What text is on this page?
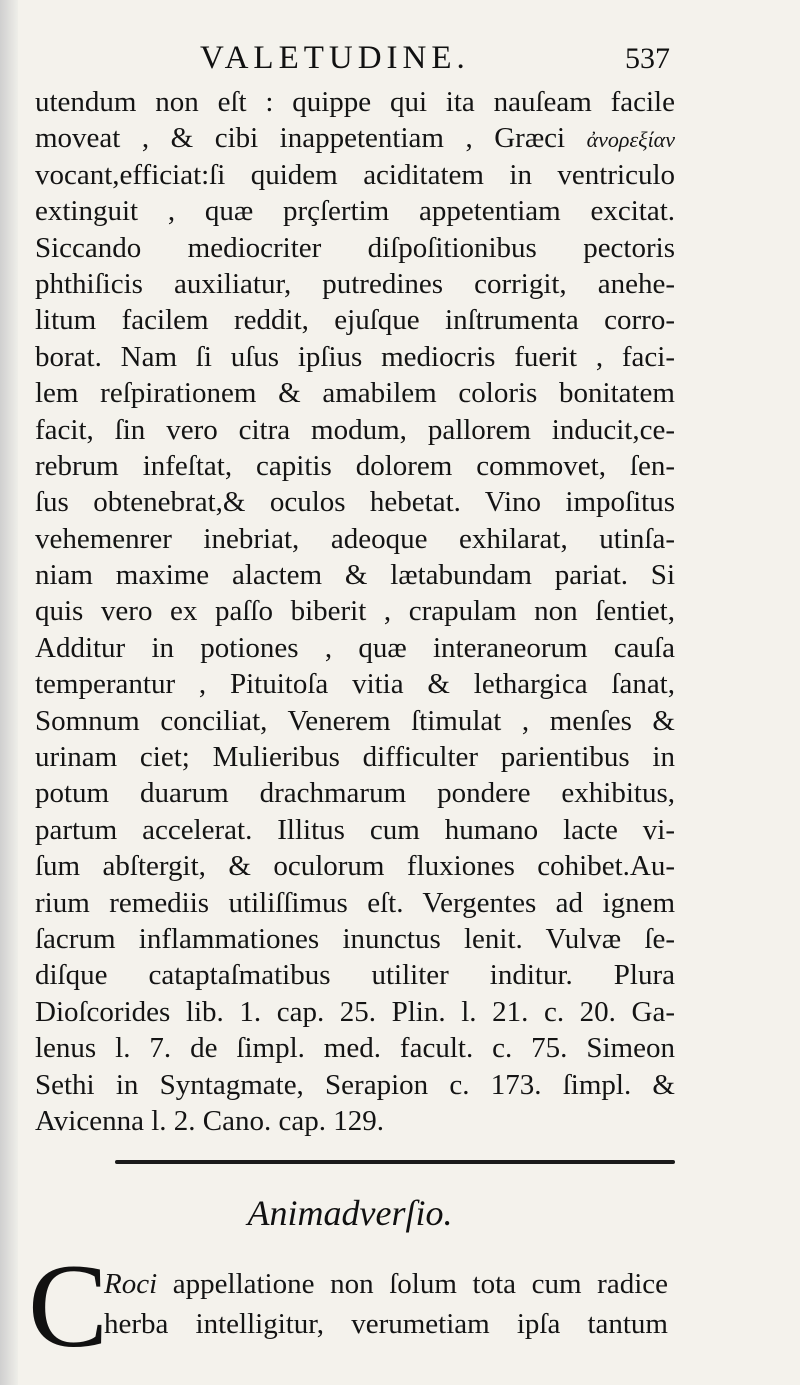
VALETUDINE.	537
utendum non eſt : quippe qui ita nauſeam facile
moveat , & cibi inappetentiam , Græci ἀνορεξίαν
vocant,efficiat:ſi quidem aciditatem in ventriculo
extinguit , quæ prçſertim appetentiam excitat.
Siccando mediocriter diſpoſitionibus pectoris
phthiſicis auxiliatur, putredines corrigit, anehe-
litum facilem reddit, ejuſque inſtrumenta corro-
borat. Nam ſi uſus ipſius mediocris fuerit , faci-
lem reſpirationem & amabilem coloris bonitatem
facit, ſin vero citra modum, pallorem inducit,ce-
rebrum infeſtat, capitis dolorem commovet, ſen-
ſus obtenebrat,& oculos hebetat. Vino impoſitus
vehemenrer inebriat, adeoque exhilarat, utinſa-
niam maxime alactem & lætabundam pariat. Si
quis vero ex paſſo biberit , crapulam non ſentiet,
Additur in potiones , quæ interaneorum cauſa
temperantur , Pituitoſa vitia & lethargica ſanat,
Somnum conciliat, Venerem ſtimulat , menſes &
urinam ciet; Mulieribus difficulter parientibus in
potum duarum drachmarum pondere exhibitus,
partum accelerat. Illitus cum humano lacte vi-
ſum abſtergit, & oculorum fluxiones cohibet.Au-
rium remediis utiliſſimus eſt. Vergentes ad ignem
ſacrum inflammationes inunctus lenit. Vulvæ ſe-
diſque cataptaſmatibus utiliter inditur. Plura
Dioſcorides lib. 1. cap. 25. Plin. l. 21. c. 20. Ga-
lenus l. 7. de ſimpl. med. facult. c. 75. Simeon
Sethi in Syntagmate, Serapion c. 173. ſimpl. &
Avicenna l. 2. Cano. cap. 129.
Animadverſio.
C
Roci appellatione non ſolum tota cum radice
herba intelligitur, verumetiam ipſa tantum
